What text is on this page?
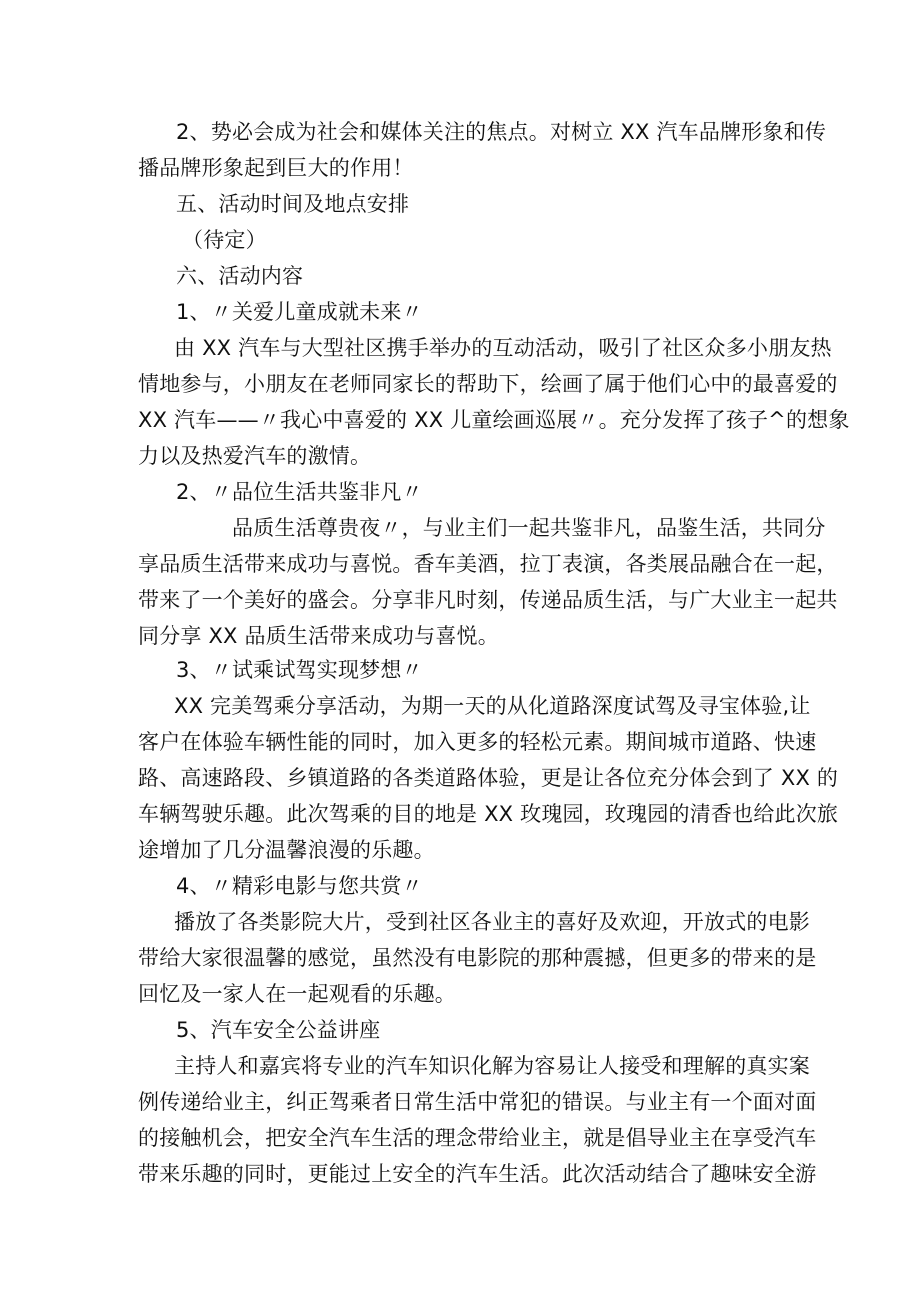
2、势必会成为社会和媒体关注的焦点。对树立 XX 汽车品牌形象和传
播品牌形象起到巨大的作用！
五、活动时间及地点安排
（待定）
六、活动内容
1、〃关爱儿童成就未来〃
由 XX 汽车与大型社区携手举办的互动活动，吸引了社区众多小朋友热
情地参与，小朋友在老师同家长的帮助下，绘画了属于他们心中的最喜爱的
XX 汽车——〃我心中喜爱的 XX 儿童绘画巡展〃。充分发挥了孩子^的想象
力以及热爱汽车的激情。
2、〃品位生活共鉴非凡〃
品质生活尊贵夜〃，与业主们一起共鉴非凡，品鉴生活，共同分
享品质生活带来成功与喜悦。香车美酒，拉丁表演，各类展品融合在一起，
带来了一个美好的盛会。分享非凡时刻，传递品质生活，与广大业主一起共
同分享 XX 品质生活带来成功与喜悦。
3、〃试乘试驾实现梦想〃
XX 完美驾乘分享活动，为期一天的从化道路深度试驾及寻宝体验,让
客户在体验车辆性能的同时，加入更多的轻松元素。期间城市道路、快速
路、高速路段、乡镇道路的各类道路体验，更是让各位充分体会到了 XX 的
车辆驾驶乐趣。此次驾乘的目的地是 XX 玫瑰园，玫瑰园的清香也给此次旅
途增加了几分温馨浪漫的乐趣。
4、〃精彩电影与您共赏〃
播放了各类影院大片，受到社区各业主的喜好及欢迎，开放式的电影
带给大家很温馨的感觉，虽然没有电影院的那种震撼，但更多的带来的是
回忆及一家人在一起观看的乐趣。
5、汽车安全公益讲座
主持人和嘉宾将专业的汽车知识化解为容易让人接受和理解的真实案
例传递给业主，纠正驾乘者日常生活中常犯的错误。与业主有一个面对面
的接触机会，把安全汽车生活的理念带给业主，就是倡导业主在享受汽车
带来乐趣的同时，更能过上安全的汽车生活。此次活动结合了趣味安全游
